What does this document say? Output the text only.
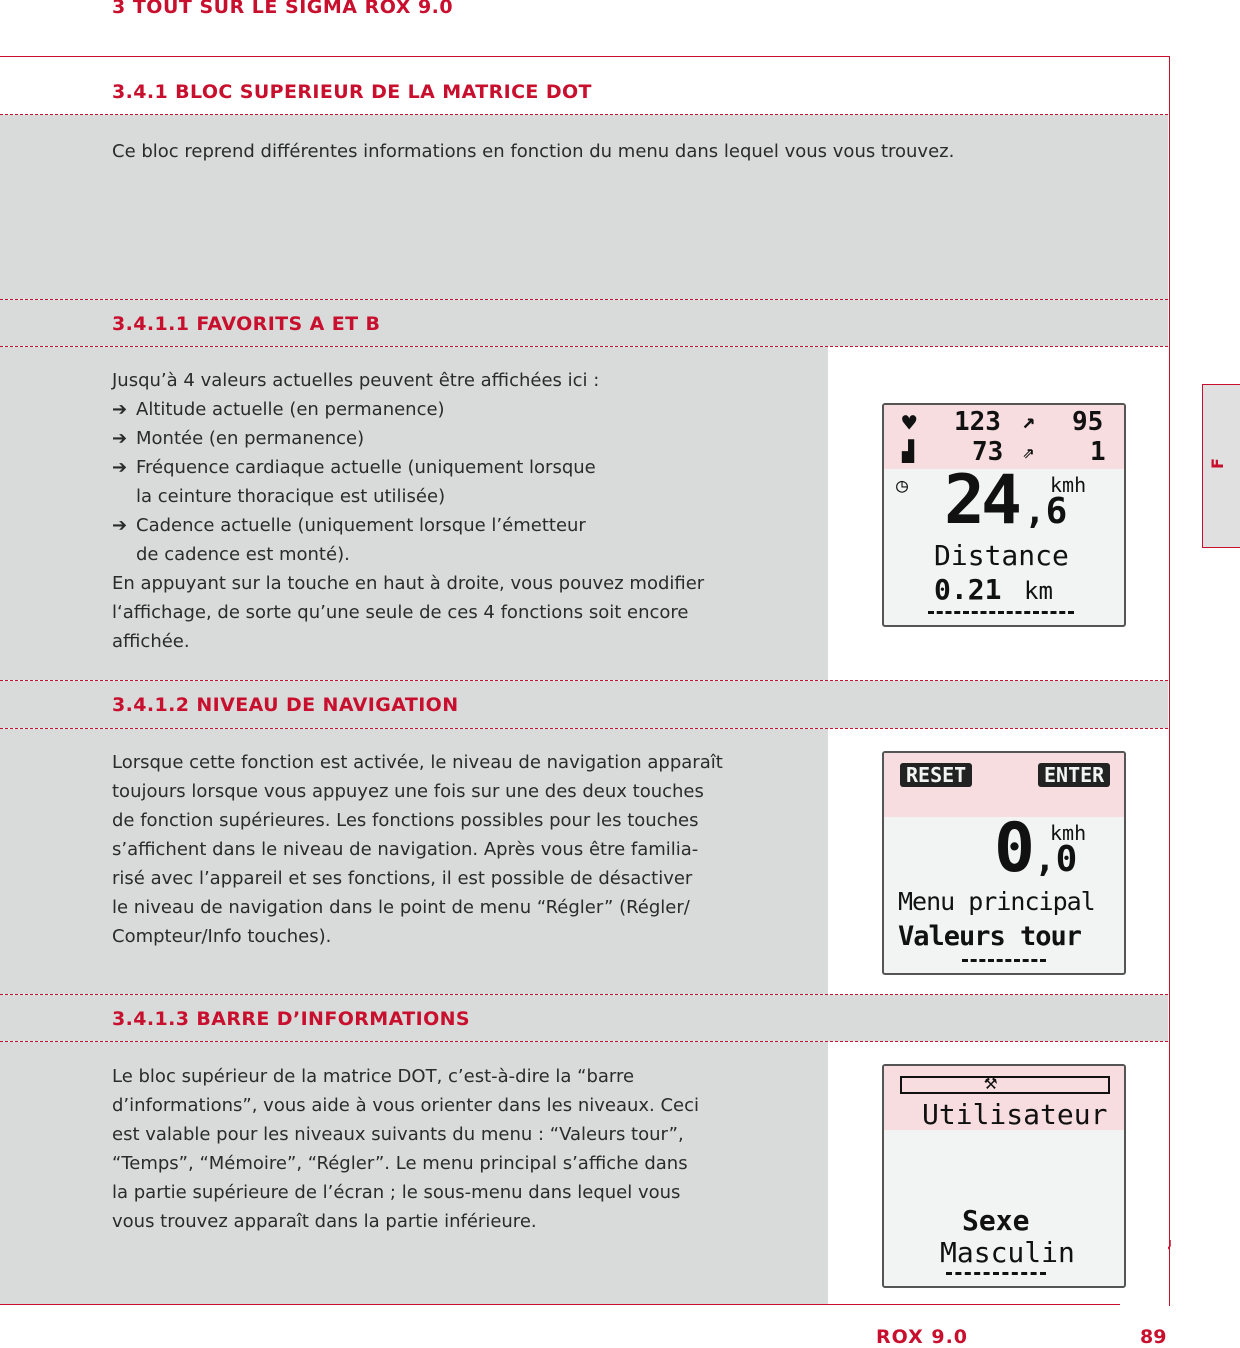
3 TOUT SUR LE SIGMA ROX 9.0
3.4.1 BLOC SUPERIEUR DE LA MATRICE DOT
Ce bloc reprend différentes informations en fonction du menu dans lequel vous vous trouvez.
3.4.1.1 FAVORITS A ET B

Jusqu’à 4 valeurs actuelles peuvent être affichées ici :

➔ Altitude actuelle (en permanence)
➔ Montée (en permanence)
➔ Fréquence cardiaque actuelle (uniquement lorsque
la ceinture thoracique est utilisée)
➔ Cadence actuelle (uniquement lorsque l’émetteur
de cadence est monté).

En appuyant sur la touche en haut à droite, vous pouvez modifier

l‘affichage, de sorte qu’une seule de ces 4 fonctions soit encore

affichée.

♥ 123 ↗ 95
▟ 73 ⇗ 1
◷ 24 ,6
kmh
Distance
0.21 km
3.4.1.2 NIVEAU DE NAVIGATION

Lorsque cette fonction est activée, le niveau de navigation apparaît

toujours lorsque vous appuyez une fois sur une des deux touches

de fonction supérieures. Les fonctions possibles pour les touches

s’affichent dans le niveau de navigation. Après vous être familia-

risé avec l’appareil et ses fonctions, il est possible de désactiver

le niveau de navigation dans le point de menu “Régler” (Régler/

Compteur/Info touches).

RESET	ENTER
0 ,0
kmh
Menu principal
Valeurs tour
3.4.1.3 BARRE D’INFORMATIONS

Le bloc supérieur de la matrice DOT, c’est-à-dire la “barre

d’informations”, vous aide à vous orienter dans les niveaux. Ceci

est valable pour les niveaux suivants du menu : “Valeurs tour”,

“Temps”, “Mémoire”, “Régler”. Le menu principal s’affiche dans

la partie supérieure de l’écran ; le sous-menu dans lequel vous

vous trouvez apparaît dans la partie inférieure.

⚒
Utilisateur
Sexe
Masculin
F
ROX 9.0	89
